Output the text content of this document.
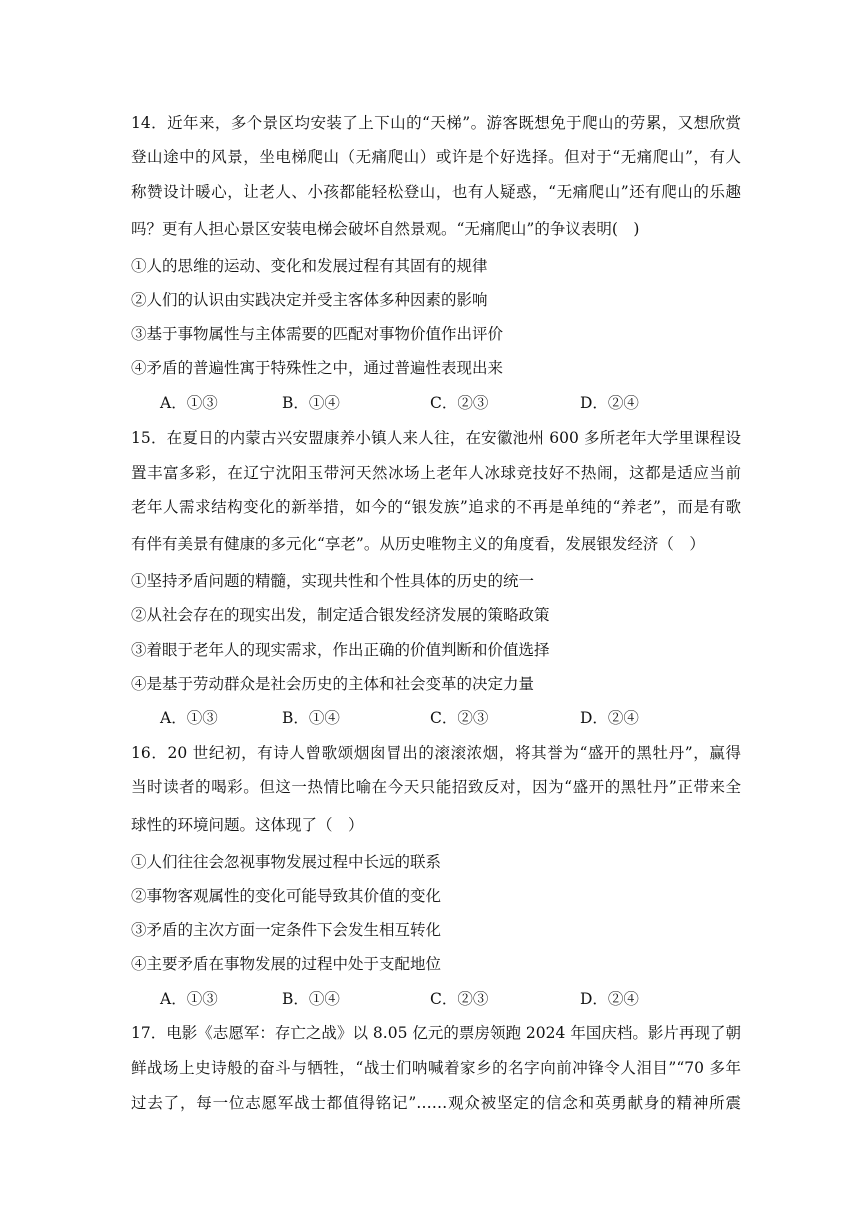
14．近年来，多个景区均安装了上下山的“天梯”。游客既想免于爬山的劳累，又想欣赏
登山途中的风景，坐电梯爬山（无痛爬山）或许是个好选择。但对于“无痛爬山”，有人
称赞设计暖心，让老人、小孩都能轻松登山，也有人疑惑，“无痛爬山”还有爬山的乐趣
吗？更有人担心景区安装电梯会破坏自然景观。“无痛爬山”的争议表明(　)
①人的思维的运动、变化和发展过程有其固有的规律
②人们的认识由实践决定并受主客体多种因素的影响
③基于事物属性与主体需要的匹配对事物价值作出评价
④矛盾的普遍性寓于特殊性之中，通过普遍性表现出来
A．①③	B．①④	C．②③	D．②④
15．在夏日的内蒙古兴安盟康养小镇人来人往，在安徽池州 600 多所老年大学里课程设
置丰富多彩，在辽宁沈阳玉带河天然冰场上老年人冰球竞技好不热闹，这都是适应当前
老年人需求结构变化的新举措，如今的“银发族”追求的不再是单纯的“养老”，而是有歌
有伴有美景有健康的多元化“享老”。从历史唯物主义的角度看，发展银发经济（　）
①坚持矛盾问题的精髓，实现共性和个性具体的历史的统一
②从社会存在的现实出发，制定适合银发经济发展的策略政策
③着眼于老年人的现实需求，作出正确的价值判断和价值选择
④是基于劳动群众是社会历史的主体和社会变革的决定力量
A．①③	B．①④	C．②③	D．②④
16．20 世纪初，有诗人曾歌颂烟囱冒出的滚滚浓烟，将其誉为“盛开的黑牡丹”，赢得
当时读者的喝彩。但这一热情比喻在今天只能招致反对，因为“盛开的黑牡丹”正带来全
球性的环境问题。这体现了（　）
①人们往往会忽视事物发展过程中长远的联系
②事物客观属性的变化可能导致其价值的变化
③矛盾的主次方面一定条件下会发生相互转化
④主要矛盾在事物发展的过程中处于支配地位
A．①③	B．①④	C．②③	D．②④
17．电影《志愿军：存亡之战》以 8.05 亿元的票房领跑 2024 年国庆档。影片再现了朝
鲜战场上史诗般的奋斗与牺牲，“战士们呐喊着家乡的名字向前冲锋令人泪目”“70 多年
过去了，每一位志愿军战士都值得铭记”……观众被坚定的信念和英勇献身的精神所震
